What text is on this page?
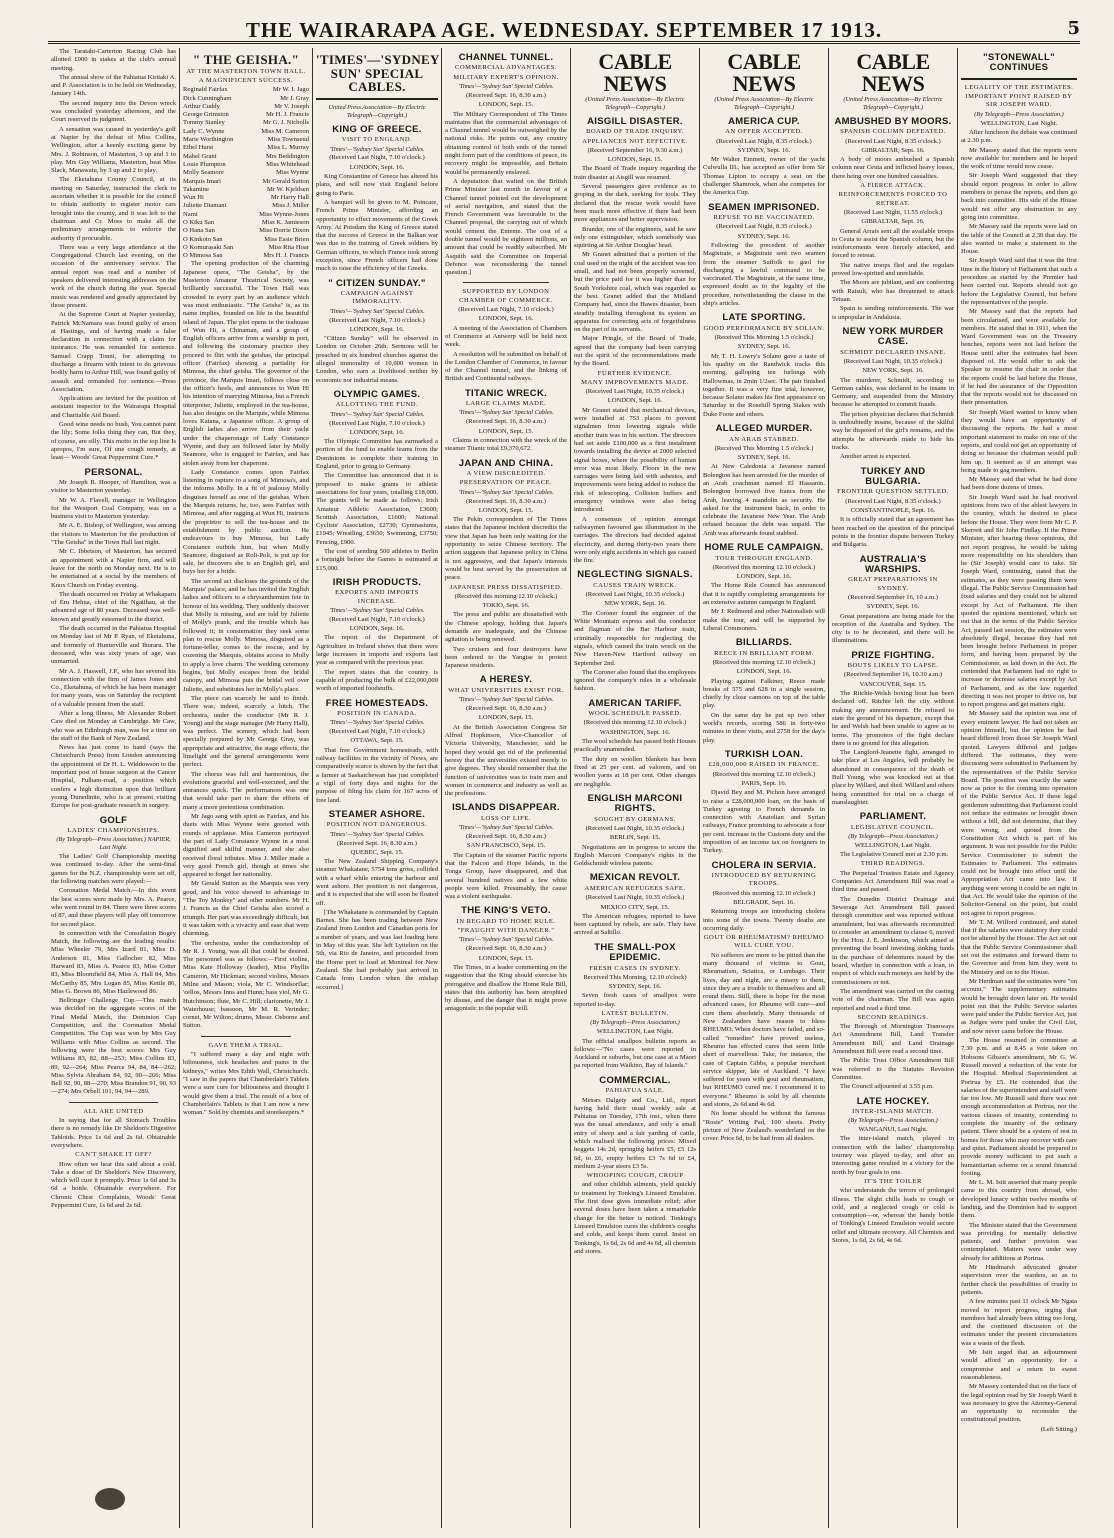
THE WAIRARAPA AGE. WEDNESDAY. SEPTEMBER 17 1913.	5

The Taratahi-Carterton Racing Club has allotted £900 in stakes at the club's annual meeting.

The annual show of the Pahiatua Kiritaki A. and P. Association is to be held on Wednesday, January 14th.

The second inquiry into the Devon wreck was concluded yesterday afternoon, and the Court reserved its judgment.

A sensation was caused in yesterday's golf at Napier by the defeat of Miss Collins, Wellington, after a keenly exciting game by Mrs. J. Robinson, of Masterton, 3 up and 1 to play. Mrs Guy Williams, Masterton, beat Miss Slack, Manawatu, by 3 up and 2 to play.

The Eketahuna County Council, at its meeting on Saturday, instructed the clerk to ascertain whether it is possible for the council to obtain authority to register motor cars brought into the county, and it was left to the chairman and Cr. Moss to make all the preliminary arrangements to enforce the authority if procurable.

There was a very large attendance at the Congregational Church last evening, on the occasion of the anniversary service. The annual report was read and a number of speakers delivered interesting addresses on the work of the church during the year. Special music was rendered and greatly appreciated by those present.

At the Supreme Court at Napier yesterday, Patrick McNamara was found guilty of arson at Hastings, and of having made a false declaration in connection with a claim for insurance. He was remanded for sentence. Samuel Crapp Tonni, for attempting to discharge a firearm with intent to do grievous bodily harm to Arthur Hill, was found guilty of assault and remanded for sentence.—Press Association.

Applications are invited for the position of assistant inspector to the Wairarapa Hospital and Charitable Aid Board.

Good wine needs no bush, You cannot paint the lily; Some folks thing they can, But they, of course, are silly. This motto in the top line Is apropos, I'm sure, Of one cough remedy, at least— Woods' Great Peppermint Cure.*

PERSONAL.

Mr Joseph B. Hooper, of Hamilton, was a visitor to Masterton yesterday.

Mr W. A. Flavell, manager in Wellington for the Westport Coal Company, was on a business visit to Masterton yesterday.

Mr A. E. Bishop, of Wellington, was among the visitors to Masterton for the production of "The Geisha" in the Town Hall last night.

Mr C. Ibbetson, of Masterton, has secured an appointment with a Napier firm, and will leave for the north on Monday next. He is to be entertained at a social by the members of Knox Church on Friday evening.

The death occurred on Friday at Whakaparu of Eru Hehua, chief of the Ngatihau, at the advanced age of 80 years. Deceased was well-known and greatly esteemed in the district.

The death occurred in the Pahiatua Hospital on Monday last of Mr P. Ryan, of Eketahuna, and formerly of Hunterville and Ihuraru. The deceased, who was sixty years of age, was unmarried.

Mr A. J. Haswell, J.P., who has severed his connection with the firm of James Jones and Co., Eketahuna, of which he has been manager for many years, was on Saturday the recipient of a valuable present from the staff.

After a long illness, Mr Alexander Robert Caw died on Monday at Cambridge. Mr Caw, who was an Edinburgh man, was for a time on the staff of the Bank of New Zealand.

News has just come to hand (says the Christchurch Press) from London announcing the appointment of Dr H. L. Widdowson to the important post of house surgeon at the Cancer Hospital, Fulham-road, a position which confers a high distinction upon that brilliant young Dunedinite, who is at present visiting Europe for post-graduate research in surgery.

GOLF
LADIES' CHAMPIONSHIPS.
(By Telegraph—Press Association.) NAPIER, Last Night.

The Ladies' Golf Championship meeting was continued to-day. After the semi-final games for the N.Z. championship were set off, the following matches were played:—

Coronation Medal Match.—In this event the best scores were made by Mrs. A. Pearce, who went round in 84. There were three scores of 87, and these players will play off tomorrow for second place.

In connection with the Consolation Bogey Match, the following are the leading results: Miss Wheeler 79, Mrs Izard 81, Miss D. Anderson 81, Miss Gallocher 82, Miss Harward 83, Miss A. Pearce 83, Miss Cotter 83, Miss Bloomfield 84, Miss A. Hall 84, Mrs McCarthy 85, Mrs Logan 85, Miss Kettle 86, Miss G. Brown 86, Miss Hazlewood 86.

Bellringer Challenge Cup.—This match was decided on the aggregate scores of the Final Medal Match, the Dominion Cup Competition, and the Coronation Medal Competition. The Cup was won by Mrs Guy Williams with Miss Collins as second. The following were the best scores: Mrs Guy Williams 83, 82, 88—253; Miss Collins 83, 89, 92—264; Miss Pearce 94, 84, 84—262; Miss Sylvia Abraham 84, 92, 90—266; Miss Bell 92, 90, 88—270; Miss Brandon 91, 90, 93—274; Mrs Orbell 101, 94, 94—289.

ALL ARE UNITED

In saying that for all Stomach Troubles there is no remedy like Dr Sheldon's Digestive Tabloids. Price 1s 6d and 2s 6d. Obtainable everywhere.

CAN'T SHAKE IT OFF?

How often we hear this said about a cold. Take a dose of Dr Sheldon's New Discovery, which will cure it promptly. Price 1s 6d and 3s 6d a bottle. Obtainable everywhere. For Chronic Chest Complaints, Woods' Great Peppermint Cure, 1s 6d and 2s 6d.

" THE GEISHA."
AT THE MASTERTON TOWN HALL.
A MAGNIFICENT SUCCESS.
Reginald Fairfax	Mr W. I. Jago
Dick Cunningham	Mr J. Gray
Arthur Cuddy	Mr V. Joseph
George Grimston	Mr H. J. Francis
Tommy Stanley	Mr G. J. Nicholls
Lady C. Wynne	Miss M. Cameron
Marie Worthington	Miss Townsend
Ethel Hurst	Miss L. Murray
Mabel Grant	Mrs Beddington
Louie Plumpton	Miss Whitehead
Molly Seamore	Miss Wynne
Marquis Imari	Mr Gerald Sutton
Takamine	Mr W. Kjeldsen
Wun Hi	Mr Harry Hall
Juliette Diamant	Miss J. Miller
Nami	Miss Wynne-Jones
O Kiku San	Miss K. Jamieson
O Hana San	Miss Dorrie Dixon
O Kinkoto San	Miss Essie Brien
O Komurasaki San	Miss Rita Hoar
O Mimosa San	Mrs H. J. Francis

The opening production of the charming Japanese opera, "The Geisha", by the Masterton Amateur Theatrical Society, was brilliantly successful. The Town Hall was crowded in every part by an audience which was most enthusiastic. "The Geisha" is, as its name implies, founded on life in the beautiful island of Japan. The plot opens in the teahouse of Wun Hi, a Chinaman, and a group of English officers arrive from a warship in port, and following the customary practice they proceed to flirt with the geishas, the principal officer (Fairfax) showing a partiality for Mimosa, the chief geisha. The governor of the province, the Marquis Imari, follows close on the officer's heels, and announces to Wun Hi his intention of marrying Mimosa, but a French interpreter, Juliette, employed in the tea-house, has also designs on the Marquis, while Mimosa loves Katana, a Japanese officer. A group of English ladies also arrive from their yacht under the chaperonage of Lady Constance Wynne, and they are followed later by Molly Seamore, who is engaged to Fairfax, and has stolen away from her chaperone.

Lady Constance comes upon Fairfax listening in rapture to a song of Mimosa's, and the informs Molly. In a fit of jealousy Molly disguises herself as one of the geishas. When the Marquis returns, he, too, sees Fairfax with Mimosa, and after ragging at Wun Hi, instructs the proprietor to sell the tea-house and its establishment by public auction. He endeavours to buy Mimosa, but Lady Constance outbids him, but when Molly Seamore, disguised as Roli-Poli, is put up for sale, he discovers she is an English girl, and buys her for a bride.

The second act discloses the grounds of the Marquis' palace, and he has invited the English ladies and officers to a chrysanthemum fete in honour of his wedding. They suddenly discover that Molly is missing, and are told by Juliette of Molly's prank, and the trouble which has followed it; in consternation they seek some plan to rescue Molly. Mimosa, disguised as a fortune-teller, comes to the rescue, and by cozening the Marquis, obtains access to Molly to apply a love charm. The wedding ceremony begins, but Molly escapes from the bridal canopy, and Mimosa puts the bridal veil over Juliette, and substitutes her in Molly's place.

The piece can scarcely be said to finish. There was, indeed, scarcely a hitch. The orchestra, under the conductor (Mr R. J. Young) and the stage manager (Mr Harry Hall), was perfect. The scenery, which had been specially prepared by Mr George Gray, was appropriate and attractive, the stage effects, the limelight and the general arrangements were perfect.

The chorus was full and harmonious, the evolutions graceful and well-executed, and the entrances quick. The performances was one that would take part to share the efforts of many a more pretentious combination.

Mr Jago sang with spirit as Fairfax, and his duets with Miss Wynne were greeted with rounds of applause. Miss Cameron portrayed the part of Lady Constance Wynne in a most dignified and skilful manner, and she also received floral tributes. Miss J. Miller made a very good French girl, though at times she appeared to forget her nationality.

Mr Gerald Sutton as the Marquis was very good, and his voice showed to advantage in "The Toy Monkey" and other numbers. Mr H. J. Francis as the Chief Geisha also scored a triumph. Her part was exceedingly difficult, but it was taken with a vivacity and ease that were charming.

The orchestra, under the conductorship of Mr R. J. Young, was all that could be desired. The personnel was as follows:—First violins, Miss Kate Holloway (leader), Miss Phyllis Cameron, Mr Hickman; second violins, Messrs Milne and Mason; viola, Mr C. Windsorflar; 'cellos, Messrs Inns and Hunn; bass viol, Mr G. Hutchinson; flute, Mr C. Hill; clarionette, Mr J. Waterhouse; bassoon, Mr M. R. Verinder; cornet, Mr Wilton; drums, Messr. Osborne and Sutton.

GAVE THEM A TRIAL.

"I suffered many a day and night with biliousness, sick headaches and pains in the kidneys," writes Mrs Edith Wall, Christchurch. "I saw in the papers that Chamberlain's Tablets were a sure cure for biliousness and thought I would give them a trial. The result of a box of Chamberlain's Tablets is that I am now a new woman." Sold by chemists and storekeepers.*

'TIMES'—'SYDNEY SUN' SPECIAL CABLES.
United Press Association—By Electric Telegraph—Copyright.)
KING OF GREECE.
VISIT TO ENGLAND.
'Times'—'Sydney Sun' Special Cables.
(Received Last Night, 7.10 o'clock.)
LONDON, Sept. 16.

King Constantine of Greece has altered his plans, and will now visit England before going to Paris.

A banquet will be given to M. Poincare, French Prime Minister, affording an opportunity to effect movements of the Greek Army. At Potsdam the King of Greece stated that the success of Greece in the Balkan war was due to the training of Greek soldiers by German officers, to which France took strong exception, since French officers had done much to raise the efficiency of the Greeks.

" CITIZEN SUNDAY."
CAMPAIGN AGAINST IMMORALITY.
'Times'—'Sydney Sun' Special Cables.
(Received Last Night, 7.10 o'clock.)
LONDON, Sept. 16.

"Citizen Sunday" will be observed in London on October 26th. Sermons will be preached in six hundred churches against the alleged immorality of 10,000 women in London, who earn a livelihood neither by economic nor industrial means.

OLYMPIC GAMES.
ALLOTTING THE FUND.
'Times'—'Sydney Sun' Special Cables.
(Received Last Night, 7.10 o'clock.)
LONDON, Sept. 16.

The Olympic Committee has earmarked a portion of the fund to enable teams from the Dominions to complete their training in England, prior to going to Germany.

The Committee has announced that it is proposed to make grants to athletic associations for four years, totalling £18,000. The grants will be made as follows: Irish Amateur Athletic Association, £3600; Scottish Association, £1600; National Cyclists' Association, £2730; Gymnasiums, £1945; Wrestling, £3650; Swimming, £3750; Fencing, £900.

The cost of sending 500 athletes to Berlin a fortnight before the Games is estimated at £15,000.

IRISH PRODUCTS.
EXPORTS AND IMPORTS INCREASE.
'Times'—'Sydney Sun' Special Cables.
(Received Last Night, 7.10 o'clock.)
LONDON, Sept. 16.

The report of the Department of Agriculture in Ireland shows that there were large increases in imports and exports last year as compared with the previous year.

The report states that the country is capable of producing the bulk of £22,000,000 worth of imported foodstuffs.

FREE HOMESTEADS.
POSITION IN CANADA.
'Times'—'Sydney Sun' Special Cables.
(Received Last Night, 7.10 o'clock.)
OTTAWA, Sept. 15.

That free Government homesteads, with railway facilities in the vicinity of News, are comparatively scarce is shown by the fact that a farmer at Saskatchewan has just completed a vigil of forty days and nights for the purpose of filing his claim for 167 acres of free land.

STEAMER ASHORE.
POSITION NOT DANGEROUS.
'Times'—'Sydney Sun' Special Cables.
(Received Sept. 16, 8.30 a.m.)
QUEBEC, Sept. 15.

The New Zealand Shipping Company's steamer Whakatane, 5754 tons gross, collided with a wharf while entering the harbour and went ashore. Her position is not dangerous, and it is expected that she will soon be floated off.

[The Whakatane is commanded by Captain Barnes. She has been trading between New Zealand from London and Canadian ports for a number of years, and was last loading here in May of this year. She left Lyttelton on the 5th, via Rio de Janeiro, and proceeded from the Home port to load at Montreal for New Zealand. She had probably just arrived in Canada from London when the mishap occurred.]

CHANNEL TUNNEL.
COMMERCIAL ADVANTAGES.
MILITARY EXPERT'S OPINION.
'Times'—'Sydney Sun' Special Cables.
(Received Sept. 16, 8.30 a.m.)
LONDON, Sept. 15.

The Military Correspondent of The Times maintains that the commercial advantages of a Channel tunnel would be outweighed by the national risks. He points out, any country obtaining control of both ends of the tunnel might form part of the conditions of peace, its recovery might be impossible, and Britain would be permanently enslaved.

A deputation that waited on the British Prime Minister last month in favour of a Channel tunnel pointed out the development of aerial navigation, and stated that the French Government was favourable to the Channel proposal, the carrying out of which would cement the Entente. The cost of a double tunnel would be eighteen millions, an amount that could be readily subscribed. Mr Asquith said the Committee on Imperial Defence was reconsidering the tunnel question.]

SUPPORTED BY LONDON CHAMBER OF COMMERCE.
(Received Last Night, 7.10 o'clock.)
LONDON, Sept. 16.

A meeting of the Association of Chambers of Commerce at Antwerp will be held next week.

A resolution will be submitted on behalf of the London Chamber of Commerce, in favour of the Channel tunnel, and the linking of British and Continental railways.

TITANIC WRECK.
LARGE CLAIMS MADE.
'Times'—'Sydney Sun' Special Cables.
(Received Sept. 16, 8.30 a.m.)
LONDON, Sept. 15.

Claims in connection with the wreck of the steamer Titanic total £9,370,672.

JAPAN AND CHINA.
A VIEW DISCREDITED.
PRESERVATION OF PEACE.
'Times'—'Sydney Sun' Special Cables.
(Received Sept. 16, 8.30 a.m.)
LONDON, Sept. 15.

The Pekin correspondent of The Times states that the Japanese incident discredits the view that Japan has been only waiting for the opportunity to seize Chinese territory. The action suggests that Japanese policy in China is not aggressive, and that Japan's interests would be best served by the preservation of peace.

JAPANESE PRESS DISSATISFIED.
(Received this morning 12.10 o'clock.)
TOKIO, Sept. 16.

The press and public are dissatisfied with the Chinese apology, holding that Japan's demands are inadequate, and the Chinese agitation is being renewed.

Two cruisers and four destroyers have been ordered to the Yangtse to protect Japanese residents.

A HERESY.
WHAT UNIVERSITIES EXIST FOR.
'Times'—'Sydney Sun' Special Cables.
(Received Sept. 16, 8.30 a.m.)
LONDON, Sept. 15.

At the British Association Congress Sir Alfred Hopkinson, Vice-Chancellor of Victoria University, Manchester, said he hoped they would get rid of the preferential heresy that the universities existed merely to give degrees. They should remember that the function of universities was to train men and women in commerce and industry as well as the professions.

ISLANDS DISAPPEAR.
LOSS OF LIFE.
'Times'—'Sydney Sun' Special Cables.
(Received Sept. 16, 8.30 a.m.)
SAN FRANCISCO, Sept. 15.

The Captain of the steamer Pacific reports that the Falcon and Hope Islands, in the Tonga Group, have disappeared, and that several hundred natives and a few white people were killed. Presumably, the cause was a violent earthquake.

THE KING'S VETO.
IN REGARD TO HOME RULE.
"FRAUGHT WITH DANGER."
'Times'—'Sydney Sun' Special Cables.
(Received Sept. 16, 8.30 a.m.)
LONDON, Sept. 15.

The Times, in a leader commenting on the suggestion that the King should exercise his prerogative and disallow the Home Rule Bill, states that this authority has been atrophied by disuse, and the danger that it might prove antagonistic to the popular will.

CABLE NEWS
(United Press Association—By Electric Telegraph—Copyright.)
AISGILL DISASTER.
BOARD OF TRADE INQUIRY.
APPLIANCES NOT EFFECTIVE.
(Received September 16, 9.30 a.m.)
LONDON, Sept. 15.

The Board of Trade inquiry regarding the train disaster at Aisgill was resumed.

Several passengers gave evidence as to groping in the dark, seeking for tools. They declared that the rescue work would have been much more effective if there had been more appliances and better supervision.

Brander, one of the engineers, said he saw only one extinguisher, which somebody was squirting at Sir Arthur Douglas' head.

Mr Granet admitted that a portion of the coal used on the night of the accident was too small, and had not been properly screened, but the price paid for it was higher than for South Yorkshire coal, which was regarded as the best. Granet added that the Midland Company had, since the Hawes disaster, been steadily installing throughout its system an apparatus for correcting acts of forgetfulness on the part of its servants.

Major Pringle, of the Board of Trade, agreed that the company had been carrying out the spirit of the recommendations made by the Board.

FURTHER EVIDENCE.
MANY IMPROVEMENTS MADE.
(Received Last Night, 10.35 o'clock.)
LONDON, Sept. 16.

Mr Granet stated that mechanical devices, were installed at 753 places to prevent signalmen from lowering signals while another train was in his section. The directors had set aside £100,000 as a first instalment towards installing the device at 2000 selected signal boxes, where the possibility of human error was most likely. Floors in the new carriages were being laid with asbestos, and improvements were being added to reduce the risk of telescoping. Collision buffers and emergency windows were also being introduced.

A consensus of opinion amongst railwaymen favoured gas illumination in the carriages. The directors had decided against electricity, and during thirty-two years there were only eight accidents in which gas caused the fire.

NEGLECTING SIGNALS.
CAUSES TRAIN WRECK.
(Received Last Night, 10.35 o'clock.)
NEW YORK, Sept. 16.

The Coroner found the engineer of the White Mountain express and the conductor and flagman of the Bar Harbour train, criminally responsible for neglecting the signals, which caused the train wreck on the New Haven-New Hartford railway on September 2nd.

The Coroner also found that the employees ignored the company's rules in a wholesale fashion.

AMERICAN TARIFF.
WOOL SCHEDULE PASSED.
(Received this morning 12.10 o'clock.)
WASHINGTON, Sept. 16.

The wool schedule has passed both Houses practically unamended.

The duty on woollen blankets has been fixed at 25 per cent. ad valorem, and on woollen yarns at 18 per cent. Other changes are negligible.

ENGLISH MARCONI RIGHTS.
SOUGHT BY GERMANS.
(Received Last Night, 10.35 o'clock.)
BERLIN, Sept. 15.

Negotiations are in progress to secure the English Marconi Company's rights in the Goldschmidt wireless patents.

MEXICAN REVOLT.
AMERICAN REFUGEES SAFE.
(Received Last Night, 10.35 o'clock.)
MEXICO CITY, Sept. 15.

The American refugees, reported to have been captured by rebels, are safe. They have arrived at Saltillo.

THE SMALL-POX EPIDEMIC.
FRESH CASES IN SYDNEY.
Received This Morning, 12.10 o'clock)
SYDNEY, Sept. 16.

Seven fresh cases of smallpox were reported to-day.

LATEST BULLETIN.
(By Telegraph—Press Association.)
WELLINGTON, Last Night.

The official smallpox bulletin reports as follows:—"No cases were reported in Auckland or suburbs, but one case at a Maori pa reported from Waikino, Bay of Islands."

COMMERCIAL.
PAHIATUA SALE.

Messrs Dalgety and Co., Ltd., report having held their usual weekly sale at Pahiatua on Tuesday, 17th inst., when there was the usual attendance, and only a small entry of sheep and a fair yarding of cattle, which realised the following prices: Mixed heggets 14s 2d, springing heifers £5, £5 12s 6d, to £6, empty heifers £3 7s 6d to £4, medium 2-year steers £3 5s.

WHOOPING COUGH, CROUP

and other childish ailments, yield quickly to treatment by Tonking's Linseed Emulsion. The first dose gives immediate relief; after several doses have been taken a remarkable change for the better is noticed. Tonking's Linseed Emulsion cures the children's coughs and colds, and keeps them cured. Insist on Tonking's, 1s 6d, 2s 6d and 4s 6d, all chemists and stores.

CABLE NEWS
(United Press Association—By Electric Telegraph—Copyright.)
AMERICA CUP.
AN OFFER ACCEPTED.
(Received Last Night, 8.35 o'clock.)
SYDNEY, Sept. 16.

Mr Walter Emmett, owner of the yacht Culwulla III., has accepted an offer from Sir Thomas Lipton to occupy a seat on the challenger Shamrock, when she competes for the America Cup.

SEAMEN IMPRISONED.
REFUSE TO BE VACCINATED.
(Received Last Night, 8.35 o'clock.)
SYDNEY, Sept. 16.

Following the precedent of another Magistrate, a Magistrate sent two seamen from the steamer Suffolk to gaol for discharging a lawful command to be vaccinated. The Magistrate, at the same time, expressed doubt as to the legality of the procedure, notwithstanding the clause in the ship's articles.

LATE SPORTING.
GOOD PERFORMANCE BY SOLIAN.
(Received This Morning 1.5 o'clock.)
SYDNEY, Sept. 16.

Mr T. H. Lowry's Solano gave a taste of his quality on the Randwick tracks this morning, galloping ten furlongs with Hallowmas, in 2min 1/2sec. The pair finished together. It was a very fine trial, however, because Solano makes his first appearance on Saturday in the Rosehill Spring Stakes with Duke Foote and others.

ALLEGED MURDER.
AN ARAB STABBED.
(Received This Morning 1.5 o'clock.)
SYDNEY, Sept. 16.

At New Caledonia a Javanese named Bolengton has been arrested for the murder of an Arab coachman named El Hassanin. Bolengton borrowed five francs from the Arab, leaving 4 mandolin as security. He asked for the instrument back, in order to celebrate the Javanese New Year. The Arab refused because the debt was unpaid. The Arab was afterwards found stabbed.

HOME RULE CAMPAIGN.
TOUR THROUGH ENGLAND.
(Received this morning 12.10 o'clock.)
LONDON, Sept. 16.

The Home Rule Council has announced that it is rapidly completing arrangements for an extensive autumn campaign in England.

Mr J. Redmond and other Nationalists will make the tour, and will be supported by Liberal Commoners.

BILLIARDS.
REECE IN BRILLIANT FORM.
(Received this morning 12.10 o'clock.)
LONDON, Sept. 16.

Playing against Falkiner, Reece made breaks of 575 and 628 in a single session, chiefly by close cannons on top of the table play.

On the same day he put up two other world's records, scoring 586 in forty-two minutes in three visits, and 2758 for the day's play.

TURKISH LOAN.
£28,000,000 RAISED IN FRANCE.
(Received this morning 12.10 o'clock.)
PARIS, Sept. 16.

Djavid Bey and M. Pichon have arranged to raise a £28,000,000 loan, on the basis of Turkey agreeing to French demands in connection with Anatolian and Syrian railways, France promising to advocate a four per cent. increase in the Customs duty and the imposition of an income tax on foreigners in Turkey.

CHOLERA IN SERVIA.
INTRODUCED BY RETURNING TROOPS.
(Received this morning 12.10 o'clock.)
BELGRADE, Sept. 16.

Returning troops are introducing cholera into some of the towns. Twenty deaths are occurring daily.

GOUT OR RHEUMATISM? RHEUMO WILL CURE YOU.

No sufferers are more to be pitied than the many thousand of victims to Gout, Rheumatism, Sciatica, or Lumbago. Their lives, day and night, are a misery to them, since they are a trouble to themselves and all round them. Still, there is hope for the most advanced cases, for Rheumo will cure—and cure them absolutely. Many thousands of New Zealanders have reason to bless RHEUMO. When doctors have failed, and so-called "remedies" have proved useless, Rheumo has effected cures that seem little short of marvellous. Take, for instance, the case of Captain Gibbs, a popular merchant service skipper, late of Auckland. "I have suffered for years with gout and rheumatism, but RHEUMO cured me. I recommend it to everyone." Rheumo is sold by all chemists and stores, 2s 6d and 4s 6d.

No home should be without the famous "Rosie" Writing Pad, 100 sheets. Pretty picture of New Zealand's wonderland on the cover. Price 6d, to be had from all dealers.

CABLE NEWS
(United Press Association—By Electric Telegraph—Copyright.)
AMBUSHED BY MOORS.
SPANISH COLUMN DEFEATED.
(Received Last Night, 8.35 o'clock.)
GIBRALTAR, Sept. 16.

A body of moors ambushed a Spanish column near Ceuta and inflicted heavy losses, there being over one hundred casualties.

A FIERCE ATTACK.
REINFORCEMENTS FORCED TO RETREAT.
(Received Last Night, 11.55 o'clock.)
GIBRALTAR, Sept. 16.

General Arrais sent all the available troops to Ceuta to assist the Spanish column, but the reinforcements were fiercely attacked, and forced to retreat.

The native troops fled and the regulars proved low-spirited and unreliable.

The Moors are jubilant, and are conferring with Raisuli, who has threatened to attack Tetuan.

Spain is sending reinforcements. The war is unpopular in Andalusia.

NEW YORK MURDER CASE.
SCHMIDT DECLARED INSANE.
(Received Last Night, 10.35 o'clock.)
NEW YORK, Sept. 16.

The murderer, Schmidt, according to German cables, was declared to be insane in Germany, and suspended from the Ministry because he attempted to commit frauds.

The prison physician declares that Schmidt is undoubtedly insane, because of the skilful way he disposed of the girl's remains, and the attempts he afterwards made to hide his tracks.

Another arrest is expected.

TURKEY AND BULGARIA.
FRONTIER QUESTION SETTLED.
(Received Last Night, 8.35 o'clock.)
CONSTANTINOPLE, Sept. 16.

It is officially stated that an agreement has been reached on the question of the principal points in the frontier dispute between Turkey and Bulgaria.

AUSTRALIA'S WARSHIPS.
GREAT PREPARATIONS IN SYDNEY.
(Received September 16, 10 a.m.)
SYDNEY, Sept. 16.

Great preparations are being made for the reception of the Australia and Sydney. The city is to be decorated, and there will be illuminations.

PRIZE FIGHTING.
BOUTS LIKELY TO LAPSE.
(Received September 16, 10.30 a.m.)
VANCOUVER, Sept. 15.

The Ritchie-Welsh boxing bout has been declared off. Ritchie left the city without making any announcement. He refused to state the ground of his departure, except that he and Welsh had been unable to agree as to terms. The promoters of the fight declare there is no ground for this allegation.

The Langford-Jeanette fight, arranged to take place at Los Angeles, will probably be abandoned in consequence of the death of Bull Young, who was knocked out at that place by Willard, and died. Willard and others being committed for trial on a charge of manslaughter.

PARLIAMENT.
LEGISLATIVE COUNCIL.
(By Telegraph—Press Association.)
WELLINGTON, Last Night.

The Legislative Council met at 2.30 p.m.

THIRD READINGS.

The Perpetual Trustees Estate and Agency Companies Act Amendment Bill was read a third time and passed.

The Dunedin District Drainage and Sewerage Act Amendment Bill passed through committee and was reported without amendment, but was afterwards recommitted to consider an amendment to clause 6, moved by the Hon. J. E. Jenkinson, which aimed at preventing the board investing sinking funds in the purchase of debentures issued by the board, whether in connection with a loan, in respect of which such moneys are held by the commissioners or not.

The amendment was carried on the casting vote of the chairman. The Bill was again reported and read a third time.

SECOND READINGS.

The Borough of Mornington Tramways Act Amendment Bill, Land Transfer Amendment Bill, and Land Drainage Amendment Bill were read a second time.

The Public Trust Office Amendment Bill was referred to the Statutes Revision Committee.

The Council adjourned at 3.55 p.m.

LATE HOCKEY.
INTER-ISLAND MATCH.
(By Telegraph—Press Association.)
WANGANUI, Last Night.

The inter-island match, played in connection with the ladies' championship tourney was played to-day, and after an interesting game resulted in a victory for the north by four goals to one.

IT'S THE TOILER

who understands the terrors of prolonged illness. The slight chills leads to cough or cold, and a neglected cough or cold is consumption—or, whereas the handy bottle of Tonking's Linseed Emulsion would secure relief and ultimate recovery. All Chemists and Stores, 1s 6d, 2s 6d, 4s 6d.

"STONEWALL" CONTINUES
LEGALITY OF THE ESTIMATES.
IMPORTANT POINT RAISED BY SIR JOSEPH WARD.
(By Telegraph—Press Association.)
WELLINGTON, Last Night.

After luncheon the debate was continued at 2.30 p.m.

Mr Massey stated that the reports were now available for members and he hoped the work of time would now cease.

Sir Joseph Ward suggested that they should report progress in order to allow members to peruse the reports, and then go back into committee. His side of the House would not offer any obstruction to any going into committee.

Mr Massey said the reports were laid on the table of the Council at 2.30 that day. He also wanted to make a statement to the House.

Sir Joseph Ward said that it was the first time in the history of Parliament that such a procedure as started by the Premier had been carried out. Reports should not go before the Legislative Council, but before the representatives of the people.

Mr Massey said that the reports had been circularised, and were available for members. He stated that in 1911, when the Ward Government was on the Treasury benches, reports were not laid before the House until after the estimates had been disposed of. He would offer to ask the Speaker to resume the chair in order that the reports could be laid before the House, if he had the assurance of the Opposition that the reports would not be discussed on their presentation.

Sir Joseph Ward wanted to know when they would have an opportunity of discussing the reports. He had a most important statement to make on one of the reports, and could not get an opportunity of doing so because the chairman would pull him up. It seemed as if an attempt was being made to gag members.

Mr Massey said that what he had done had been done dozens of times.

Sir Joseph Ward said he had received opinions from two of the ablest lawyers in the country, which he desired to place before the House. They were from Mr C. P. Skerrett and Sir John Findlay. If the Prime Minister, after hearing those opinions, did not report progress, he would be taking more responsibility on his shoulders than he (Sir Joseph) would care to take. Sir Joseph Ward, continuing, stated that the estimates, as they were passing them were illegal. The Public Service Commission had fixed salaries and they could not be altered except by Act of Parliament. He then quoted the opinions mentioned, which set out that in the terms of the Public Service Act, passed last session, the estimates were absolutely illegal, because they had not been brought before Parliament in proper form, and having been prepared by the Commissioner, as laid down in the Act. He contended that Parliament had no right to increase or decrease salaries except by Act of Parliament, and as the law regarded directing it was not proper to drive on, but to report progress and get matters right.

Mr Massey said the opinion was one of every eminent lawyer. He had not taken an opinion himself, but the opinion he had heard differed from those Sir Joseph Ward quoted. Lawyers differed and judges differed. The estimates, they were discussing were submitted to Parliament by the representatives of the Public Service Board. The position was exactly the same now as prior to the coming into operation of the Public Service Act. If these legal gentlemen submitting that Parliament could not reduce the estimates or brought down without a bill, did not determine, that they were wrong, and quoted from the Constitution Act which is part of his argument. It was not possible for the Public Service Commissioner to submit the Estimates to Parliament. The estimates could not be brought into effect until the Appropriation Act came into law. If anything were wrong it could be set right in that Act. He would take the opinion of the Solicitor-General on the point, but could not agree to report progress.

Mr T. M. Wilford continued, and stated that if the salaries were statutory they could not be altered by the House. The Act set out that the Public Service Commissioner shall set out the estimates and forward them to the Governor and from him they went to the Ministry and on to the House.

Mr Herdman said the estimates were "on account." The supplementary estimates would be brought down later on. He would point out that the Public Service salaries were paid under the Public Service Act, just as Judges were paid under the Civil List, and now never came before the House.

The House resumed in committee at 7.30 p.m. and at 8.45 a vote taken on Hobsons Gibson's amendment, Mr G. W. Russell moved a reduction of the vote for the Hospital. Medical Superintendent at Porirua by £5. He contended that the salaries of the superintendent and staff were far too low. Mr Russell said there was not enough accommodation at Porirua, nor the various classes of insanity, contending to complete the insanity of the ordinary patient. There should be a system of rest in homes for those who may recover with care and quiet. Parliament should be prepared to provide money sufficient to put such a humanitarian scheme on a sound financial footing.

Mr L. M. Isitt asserted that many people came to this country from abroad, who developed lunacy within twelve months of landing, and the Dominion had to support them.

The Minister stated that the Government was providing for mentally defective patients, and further provision was contemplated. Matters were under way already for additions at Porirua.

Mr Hindmarsh advocated greater supervision over the warders, so as to further check the possibilities of cruelty to patients.

A few minutes past 11 o'clock Mr Ngata moved to report progress, urging that members had already been sitting too long, and the continued discussion of the estimates under the present circumstances was a waste of the flesh.

Mr Isitt urged that an adjournment would afford an opportunity for a compromise and a return to sweet reasonableness.

Mr Massey contended that on the face of the legal opinion read by Sir Joseph Ward it was necessary to give the Attorney-General an opportunity to reconsider the constitutional position.

(Left Sitting.)
